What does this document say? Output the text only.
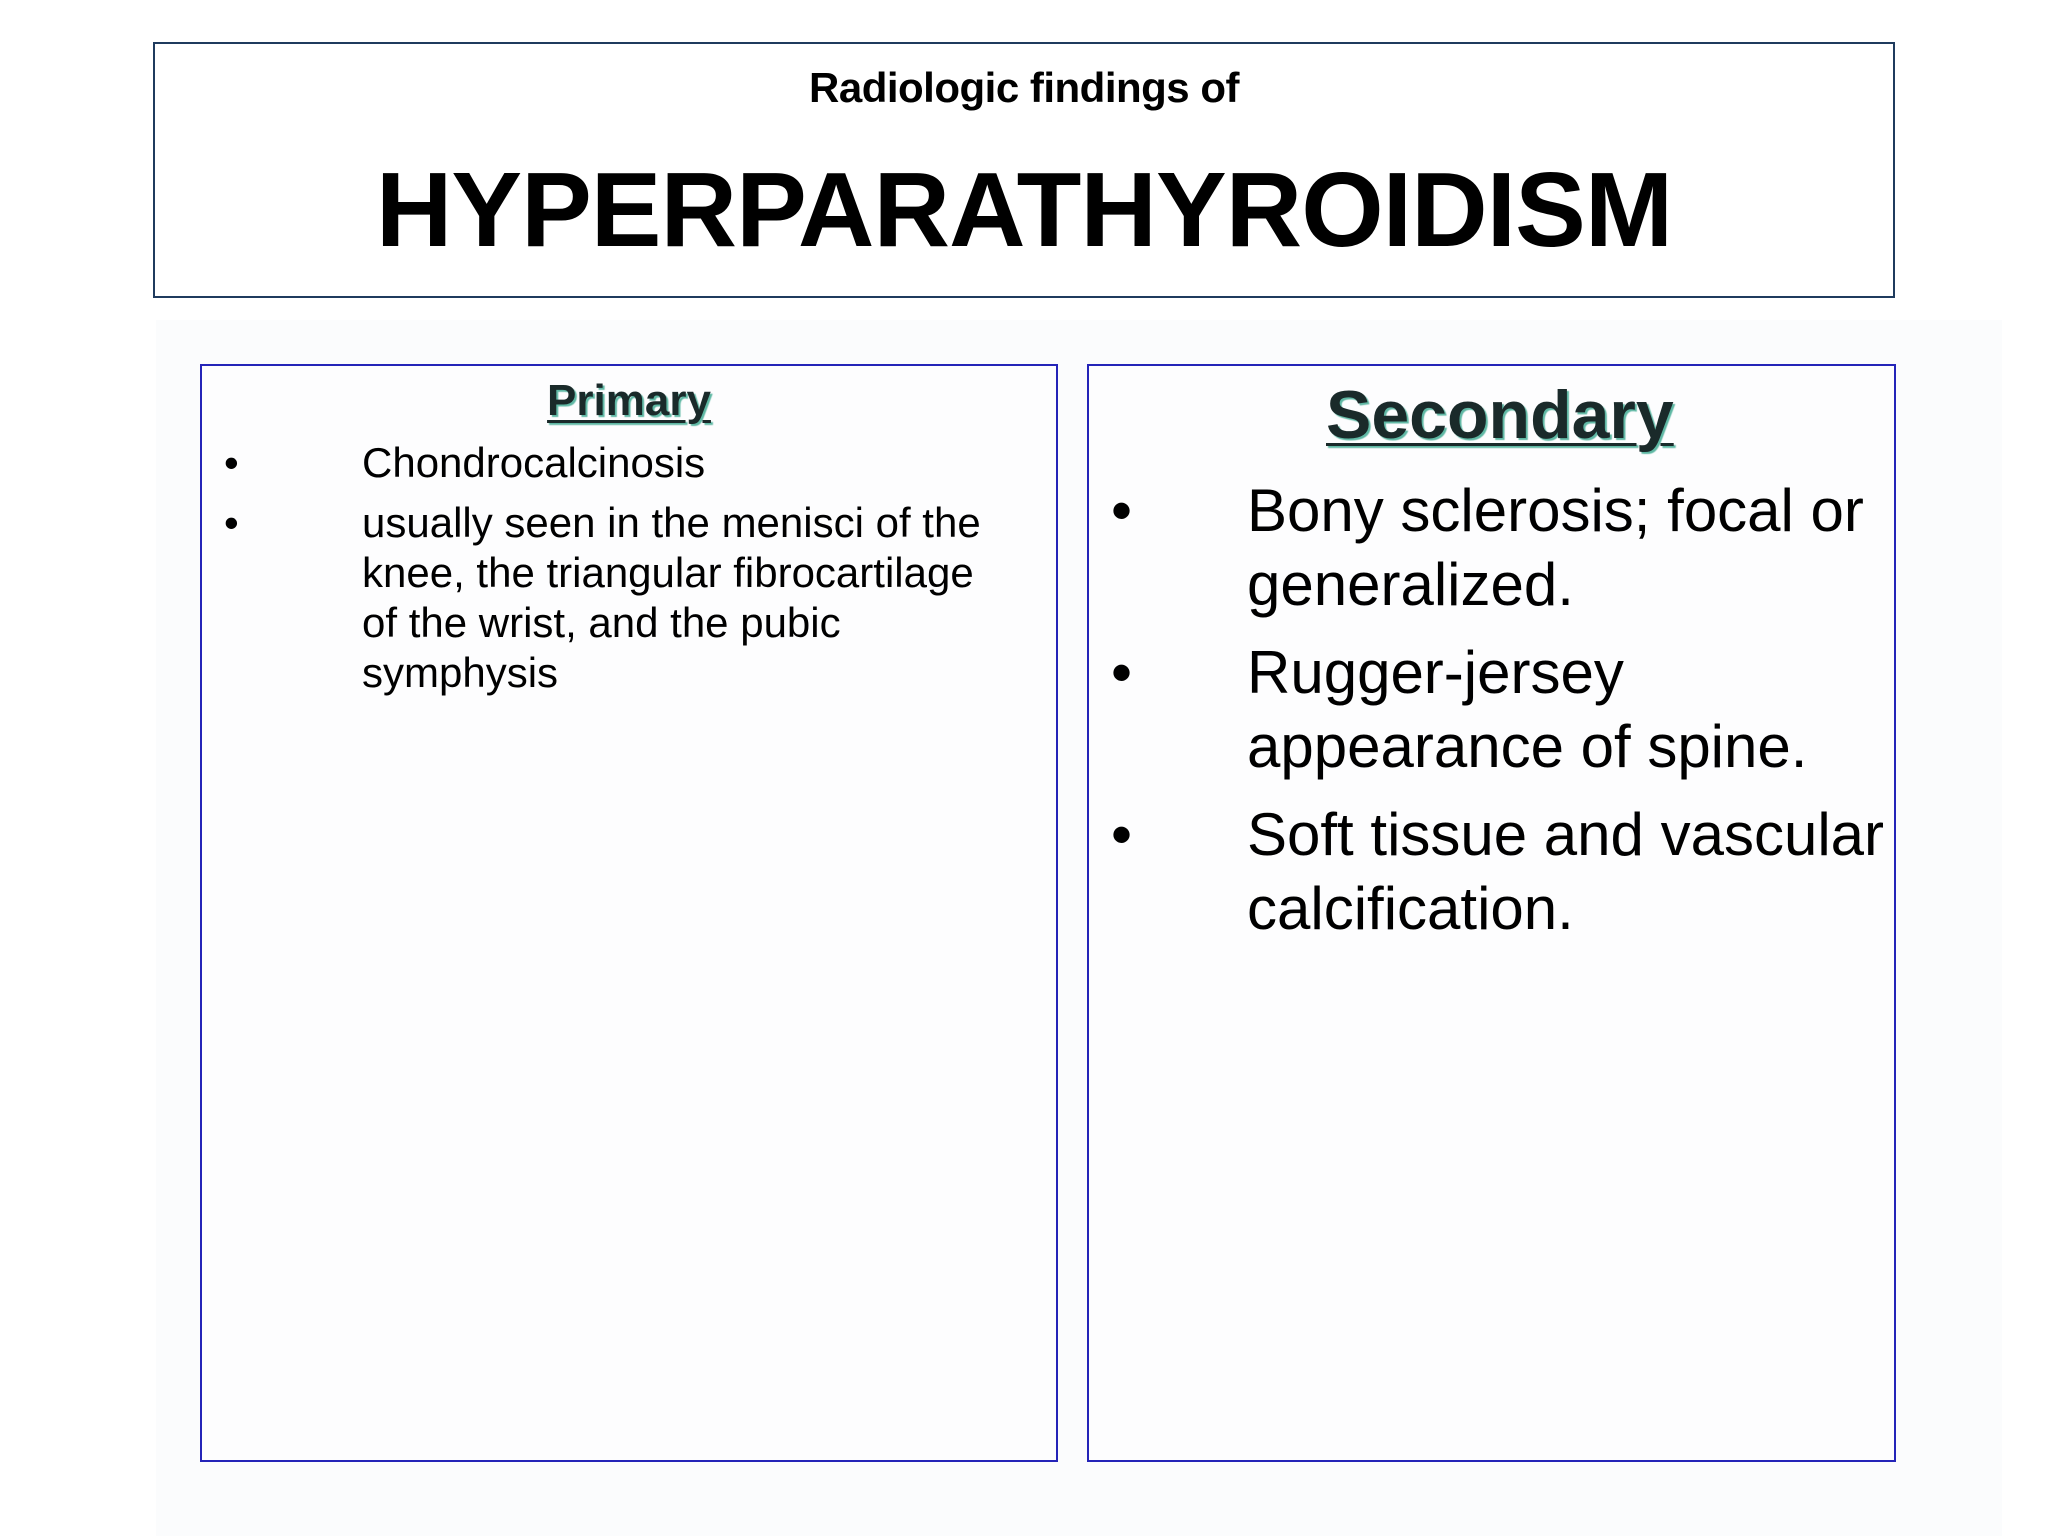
Radiologic findings of
HYPERPARATHYROIDISM
Primary
•	Chondrocalcinosis
•	usually seen in the menisci of the knee, the triangular fibrocartilage of the wrist, and the pubic symphysis
Secondary
• Bony sclerosis; focal or generalized.
• Rugger-jersey appearance of spine.
• Soft tissue and vascular calcification.
